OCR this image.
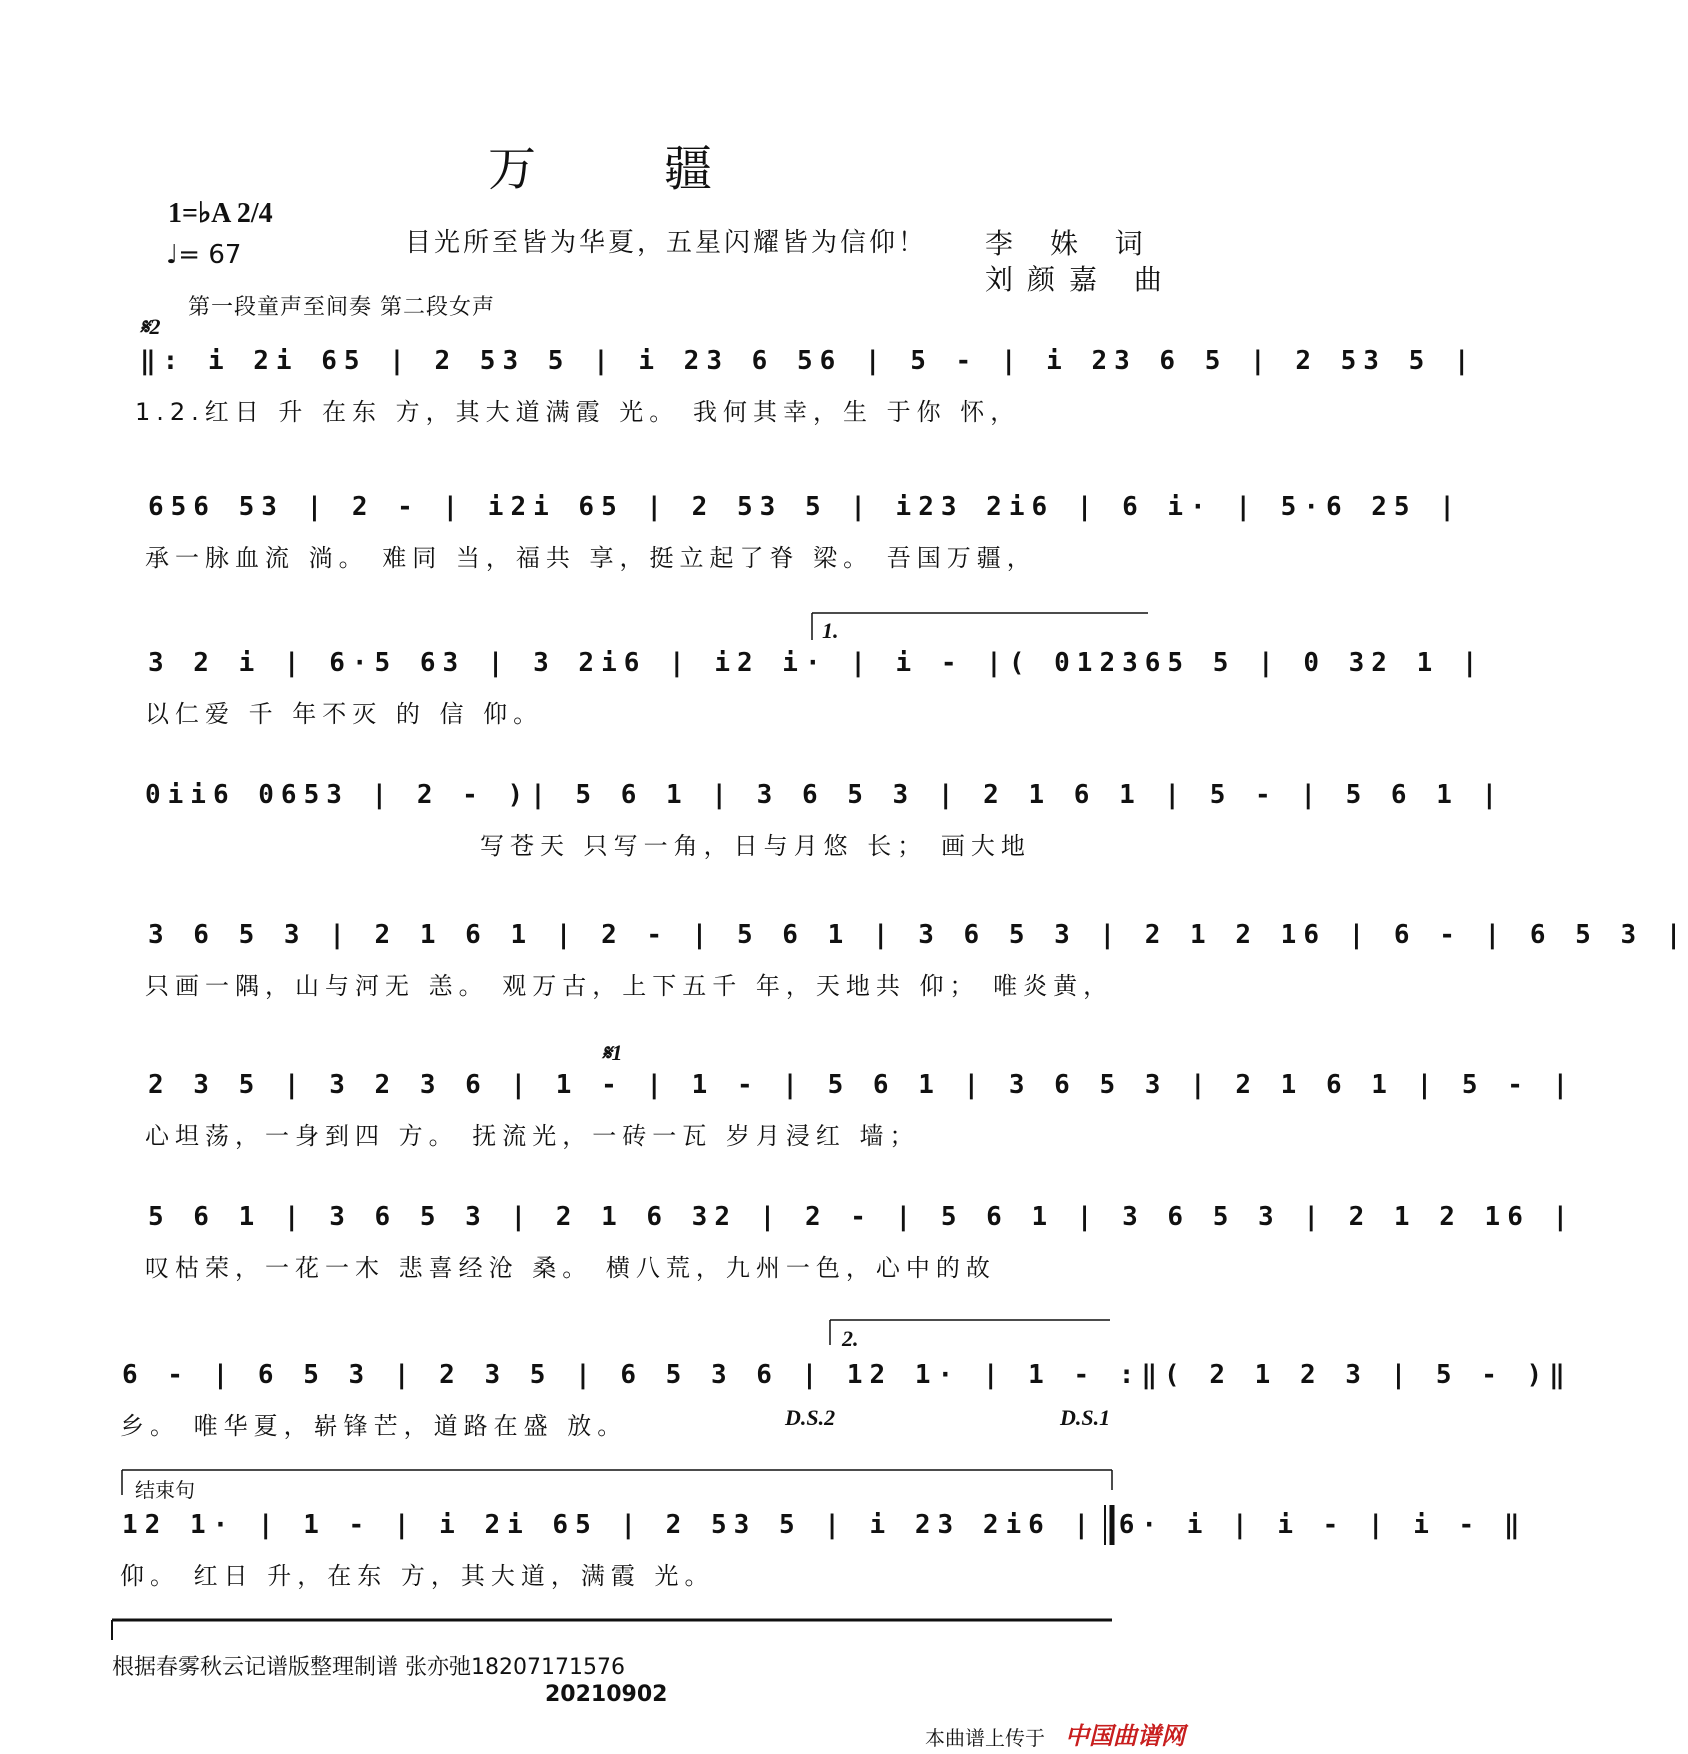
万　疆
1=♭A 2/4
♩= 67	目光所至皆为华夏，五星闪耀皆为信仰！ 李 姝 词
刘颜嘉 曲
第一段童声至间奏 第二段女声
𝄋2
‖: i 2i 65 | 2 53 5 | i 23 6 56 | 5 - | i 23 6 5 | 2 53 5 |
1.2.红日 升 在东 方，其大道满霞 光。 我何其幸，生 于你 怀，
656 53 | 2 - | i2i 65 | 2 53 5 | i23 2i6 | 6 i· | 5·6 25 |
承一脉血流 淌。 难同 当，福共 享，挺立起了脊 梁。 吾国万疆，
1.
3 2 i | 6·5 63 | 3 2i6 | i2 i· | i - |( 012365 5 | 0 32 1 |
以仁爱 千 年不灭 的 信 仰。
0ii6 0653 | 2 - )| 5 6 1 | 3 6 5 3 | 2 1 6 1 | 5 - | 5 6 1 |
写苍天 只写一角，日与月悠 长； 画大地
3 6 5 3 | 2 1 6 1 | 2 - | 5 6 1 | 3 6 5 3 | 2 1 2 16 | 6 - | 6 5 3 |
只画一隅，山与河无 恙。 观万古，上下五千 年，天地共 仰； 唯炎黄，
𝄋1
2 3 5 | 3 2 3 6 | 1 - | 1 - | 5 6 1 | 3 6 5 3 | 2 1 6 1 | 5 - |
心坦荡，一身到四 方。 抚流光，一砖一瓦 岁月浸红 墙；
5 6 1 | 3 6 5 3 | 2 1 6 32 | 2 - | 5 6 1 | 3 6 5 3 | 2 1 2 16 |
叹枯荣，一花一木 悲喜经沧 桑。 横八荒，九州一色，心中的故
2.
6 - | 6 5 3 | 2 3 5 | 6 5 3 6 | 12 1· | 1 - :‖( 2 1 2 3 | 5 - )‖
乡。 唯华夏，崭锋芒，道路在盛 放。	D.S.2	D.S.1
结束句
12 1· | 1 - | i 2i 65 | 2 53 5 | i 23 2i6 | 6· i | i - | i - ‖
仰。 红日 升，在东 方，其大道，满霞 光。
根据春雾秋云记谱版整理制谱 张亦弛18207171576
20210902
本曲谱上传于 中国曲谱网
